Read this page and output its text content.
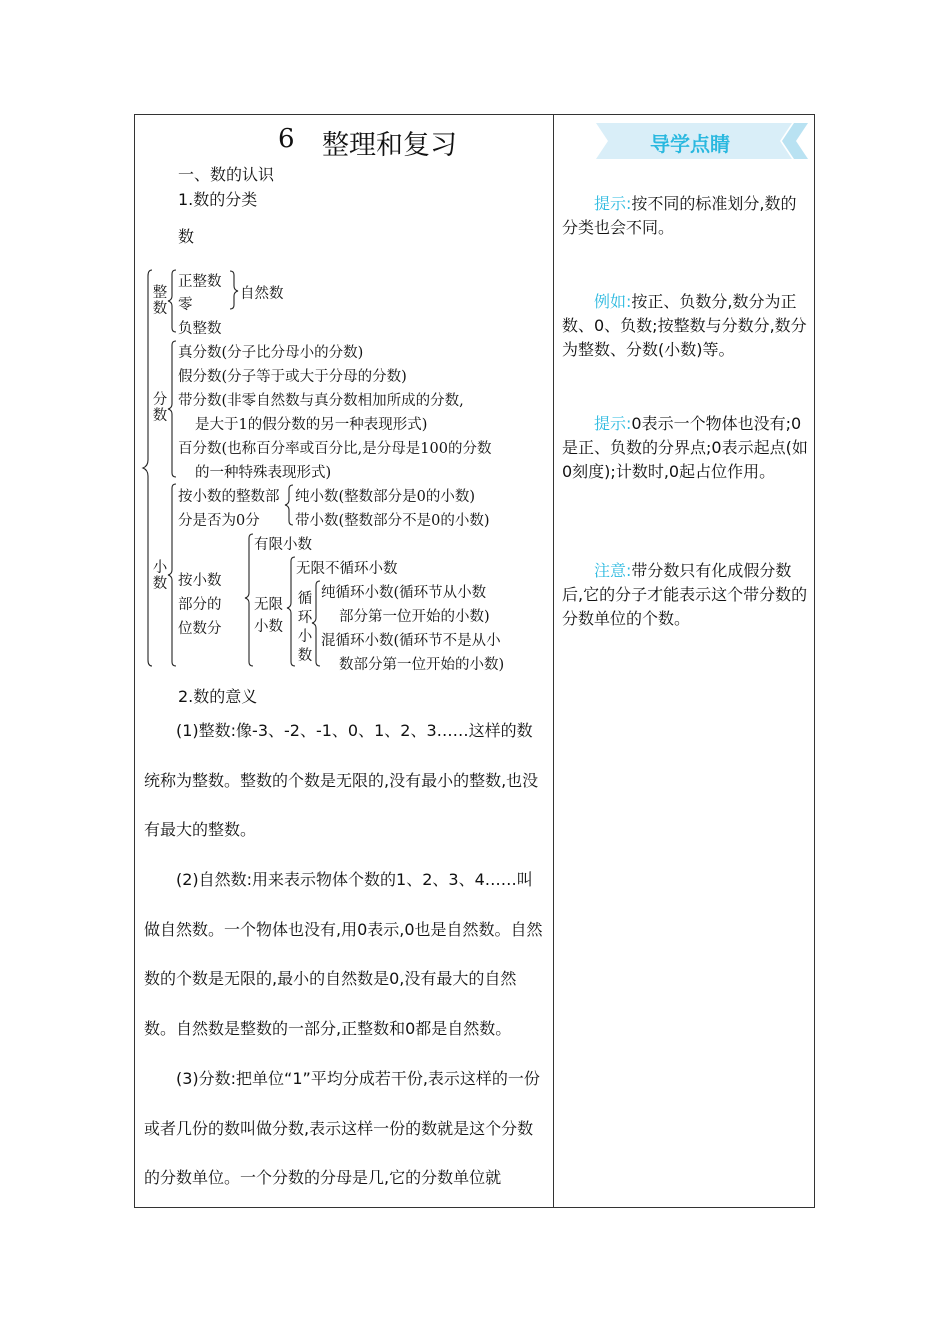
6 整理和复习
一、数的认识
1.数的分类
数
整数
分数
小数
循环小数
正整数
零
自然数
负整数
真分数(分子比分母小的分数)
假分数(分子等于或大于分母的分数)
带分数(非零自然数与真分数相加所成的分数,
是大于1的假分数的另一种表现形式)
百分数(也称百分率或百分比,是分母是100的分数
的一种特殊表现形式)
按小数的整数部
分是否为0分
纯小数(整数部分是0的小数)
带小数(整数部分不是0的小数)
按小数
部分的
位数分
有限小数
无限
小数
无限不循环小数
纯循环小数(循环节从小数
部分第一位开始的小数)
混循环小数(循环节不是从小
数部分第一位开始的小数)
2.数的意义
(1)整数:像-3、-2、-1、0、1、2、3……这样的数统称为整数。整数的个数是无限的,没有最小的整数,也没有最大的整数。
(2)自然数:用来表示物体个数的1、2、3、4……叫做自然数。一个物体也没有,用0表示,0也是自然数。自然数的个数是无限的,最小的自然数是0,没有最大的自然数。自然数是整数的一部分,正整数和0都是自然数。
(3)分数:把单位“1”平均分成若干份,表示这样的一份或者几份的数叫做分数,表示这样一份的数就是这个分数的分数单位。一个分数的分母是几,它的分数单位就
导学点睛
提示:按不同的标准划分,数的分类也会不同。
例如:按正、负数分,数分为正数、0、负数;按整数与分数分,数分为整数、分数(小数)等。
提示:0表示一个物体也没有;0是正、负数的分界点;0表示起点(如0刻度);计数时,0起占位作用。
注意:带分数只有化成假分数后,它的分子才能表示这个带分数的分数单位的个数。
